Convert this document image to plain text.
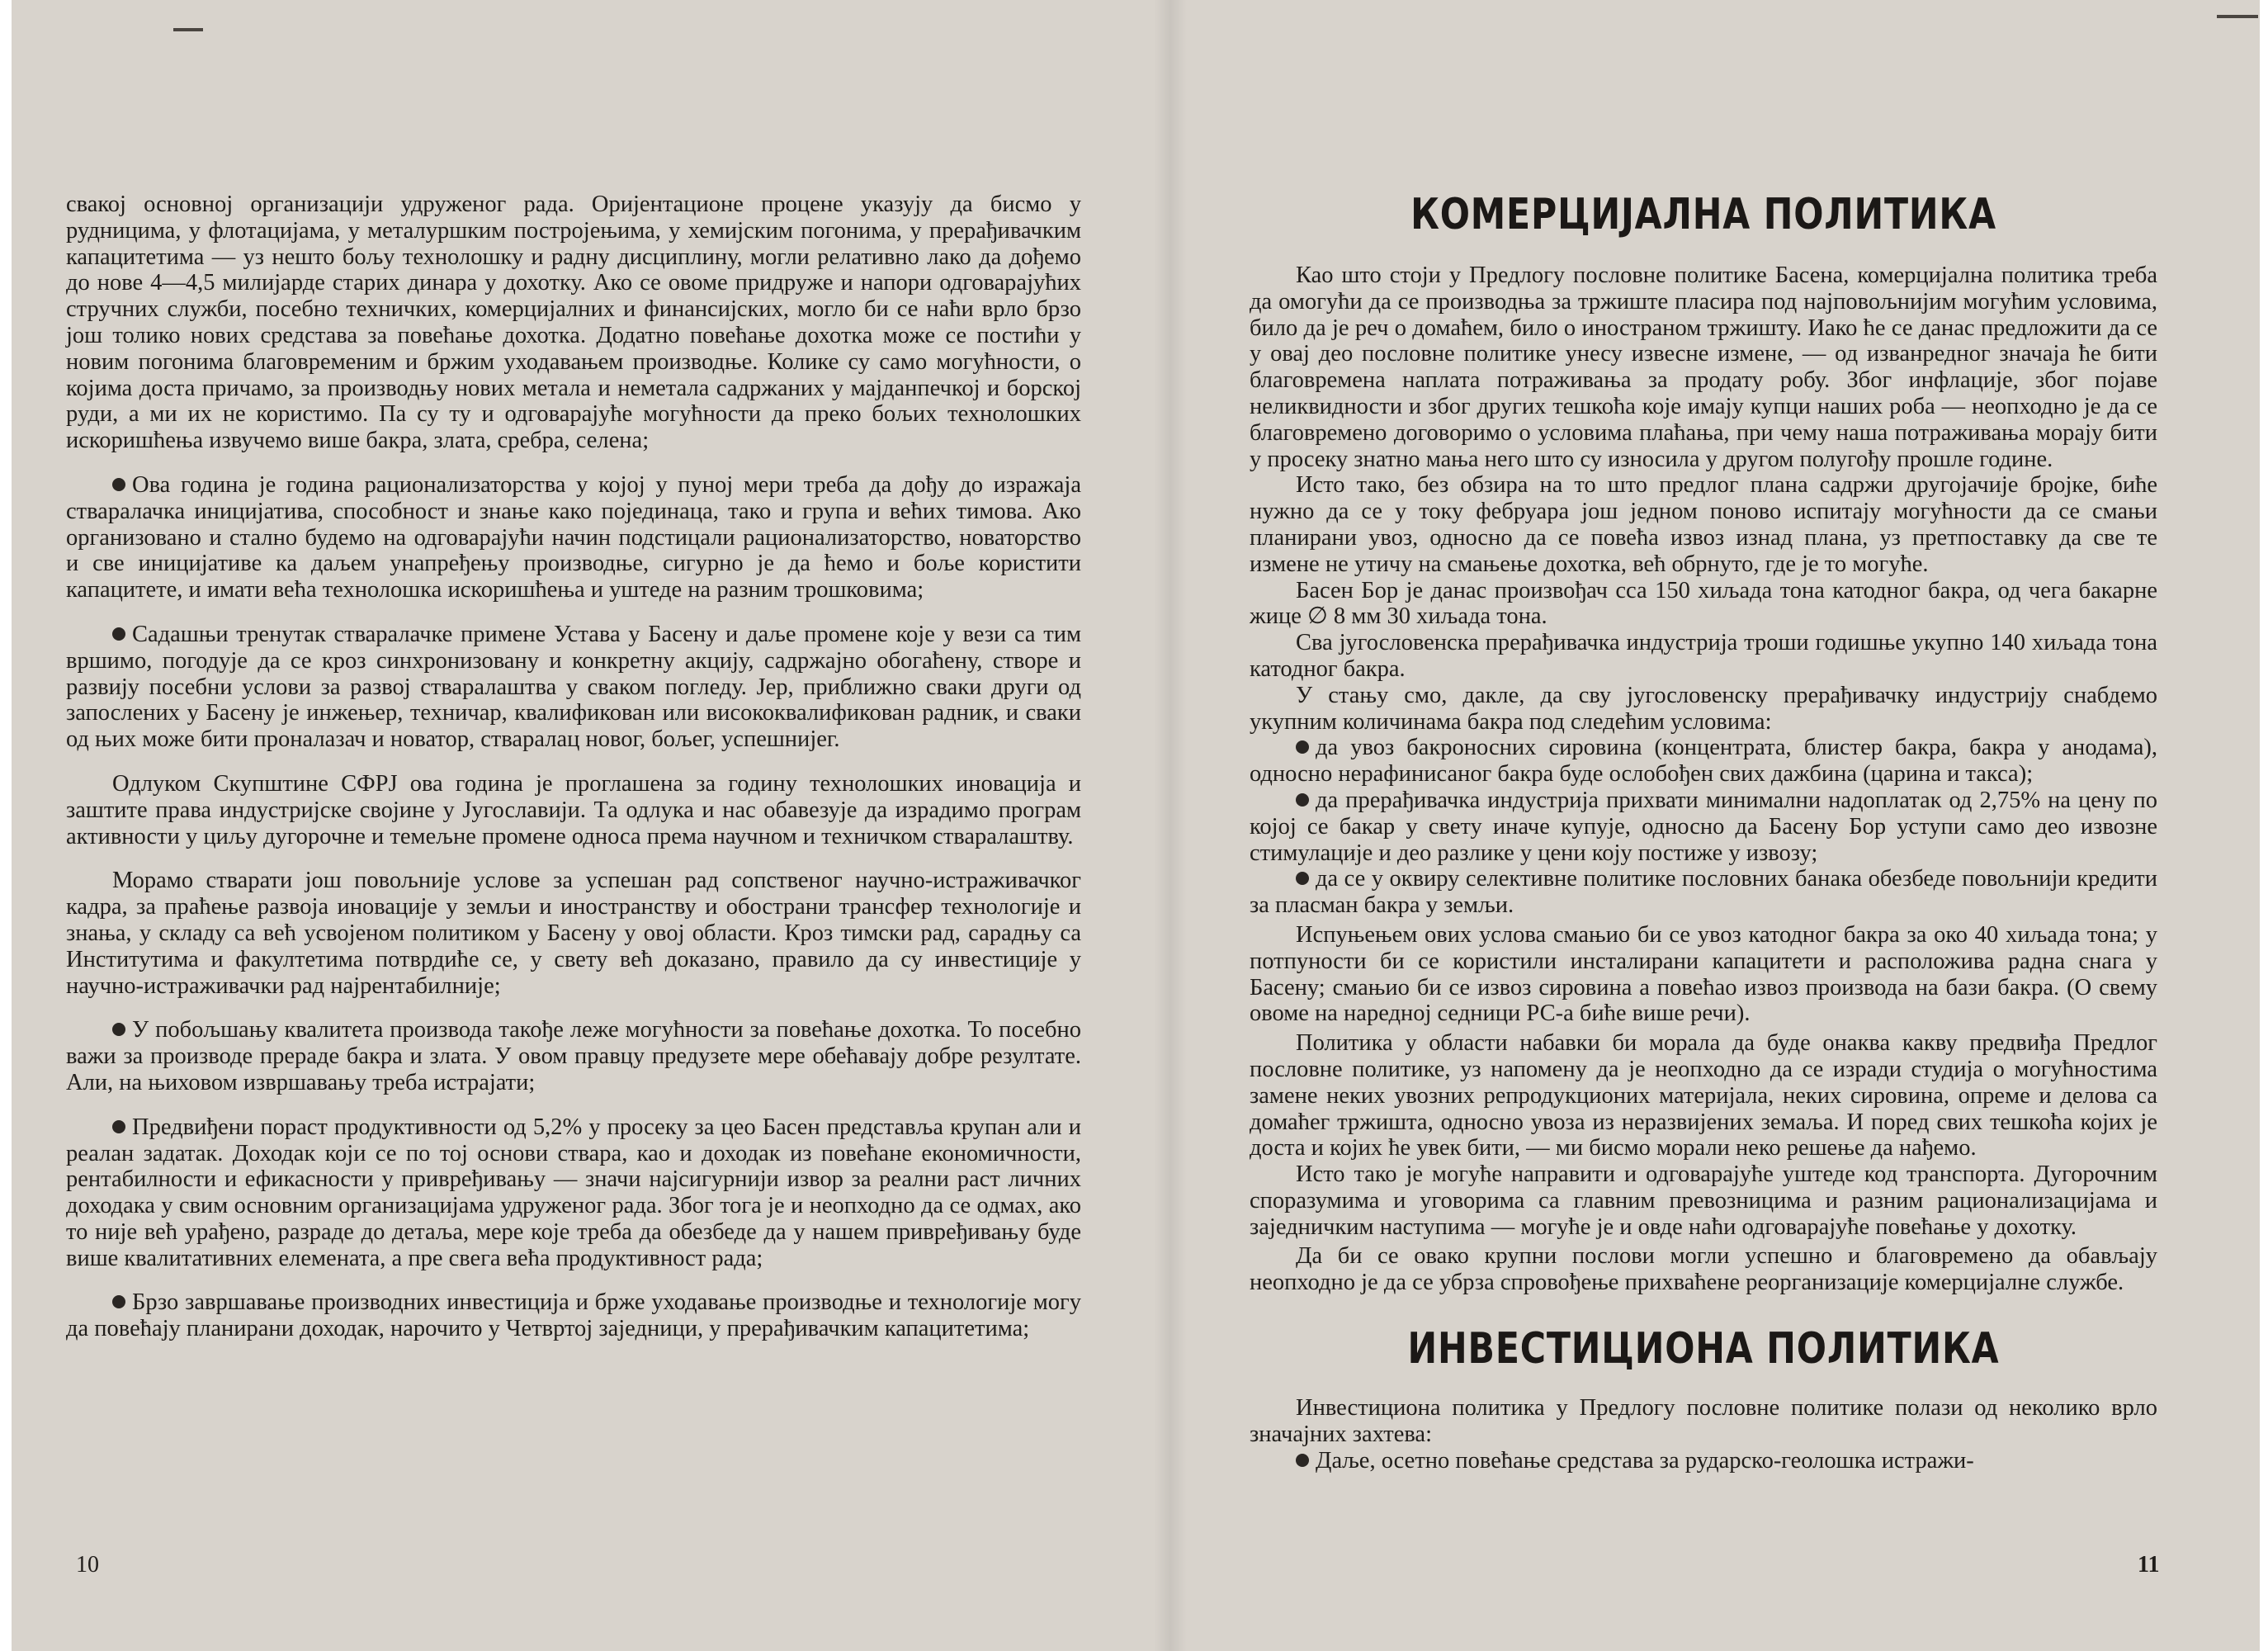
свакој основној организацији удруженог рада. Оријентационе процене указују да бисмо у рудницима, у флотацијама, у металуршким постројењима, у хемијским погонима, у прерађивачким капацитетима — уз нешто бољу технолошку и радну дисциплину, могли релативно лако да дођемо до нове 4—4,5 милијарде старих динара у дохотку. Ако се овоме придруже и напори одговарајућих стручних служби, посебно техничких, комерцијалних и финансијских, могло би се наћи врло брзо још толико нових средстава за повећање дохотка. Додатно повећање дохотка може се постићи у новим погонима благовременим и бржим уходавањем производње. Колике су само могућности, о којима доста причамо, за производњу нових метала и неметала садржаних у мајданпечкој и борској руди, а ми их не користимо. Па су ту и одговарајуће могућности да преко бољих технолошких искоришћења извучемо више бакра, злата, сребра, селена;

Ова година је година рационализаторства у којој у пуној мери треба да дођу до изражаја стваралачка иницијатива, способност и знање како појединаца, тако и група и већих тимова. Ако организовано и стално будемо на одговарајући начин подстицали рационализаторство, новаторство и све иницијативе ка даљем унапређењу производње, сигурно је да ћемо и боље користити капацитете, и имати већа технолошка искоришћења и уштеде на разним трошковима;

Садашњи тренутак стваралачке примене Устава у Басену и даље промене које у вези са тим вршимо, погодује да се кроз синхронизовану и конкретну акцију, садржајно обогаћену, створе и развију посебни услови за развој стваралаштва у сваком погледу. Јер, приближно сваки други од запослених у Басену је инжењер, техничар, квалификован или висококвалификован радник, и сваки од њих може бити проналазач и новатор, стваралац новог, бољег, успешнијег.

Одлуком Скупштине СФРЈ ова година је проглашена за годину технолошких иновација и заштите права индустријске својине у Југославији. Та одлука и нас обавезује да израдимо програм активности у циљу дугорочне и темељне промене односа према научном и техничком стваралаштву.

Морамо стварати још повољније услове за успешан рад сопственог научно-истраживачког кадра, за праћење развоја иновације у земљи и иностранству и обострани трансфер технологије и знања, у складу са већ усвојеном политиком у Басену у овој области. Кроз тимски рад, сарадњу са Институтима и факултетима потврдиће се, у свету већ доказано, правило да су инвестиције у научно-истраживачки рад најрентабилније;

У побољшању квалитета производа такође леже могућности за повећање дохотка. То посебно важи за производе прераде бакра и злата. У овом правцу предузете мере обећавају добре резултате. Али, на њиховом извршавању треба истрајати;

Предвиђени пораст продуктивности од 5,2% у просеку за цео Басен представља крупан али и реалан задатак. Доходак који се по тој основи ствара, као и доходак из повећане економичности, рентабилности и ефикасности у привређивању — значи најсигурнији извор за реални раст личних доходака у свим основним организацијама удруженог рада. Због тога је и неопходно да се одмах, ако то није већ урађено, разраде до детаља, мере које треба да обезбеде да у нашем привређивању буде више квалитативних елемената, а пре свега већа продуктивност рада;

Брзо завршавање производних инвестиција и брже уходавање производње и технологије могу да повећају планирани доходак, нарочито у Четвртој заједници, у прерађивачким капацитетима;

КОМЕРЦИЈАЛНА ПОЛИТИКА

Као што стоји у Предлогу пословне политике Басена, комерцијална политика треба да омогући да се производња за тржиште пласира под најповољнијим могућим условима, било да је реч о домаћем, било о иностраном тржишту. Иако ће се данас предложити да се у овај део пословне политике унесу извесне измене, — од изванредног значаја ће бити благовремена наплата потраживања за продату робу. Због инфлације, због појаве неликвидности и због других тешкоћа које имају купци наших роба — неопходно је да се благовремено договоримо о условима плаћања, при чему наша потраживања морају бити у просеку знатно мања него што су износила у другом полугођу прошле године.

Исто тако, без обзира на то што предлог плана садржи другојачије бројке, биће нужно да се у току фебруара још једном поново испитају могућности да се смањи планирани увоз, односно да се повећа извоз изнад плана, уз претпоставку да све те измене не утичу на смањење дохотка, већ обрнуто, где је то могуће.

Басен Бор је данас произвођач сса 150 хиљада тона катодног бакра, од чега бакарне жице ∅ 8 мм 30 хиљада тона.

Сва југословенска прерађивачка индустрија троши годишње укупно 140 хиљада тона катодног бакра.

У стању смо, дакле, да сву југословенску прерађивачку индустрију снабдемо укупним количинама бакра под следећим условима:

да увоз бакроносних сировина (концентрата, блистер бакра, бакра у анодама), односно нерафинисаног бакра буде ослобођен свих дажбина (царина и такса);

да прерађивачка индустрија прихвати минимални надоплатак од 2,75% на цену по којој се бакар у свету иначе купује, односно да Басену Бор уступи само део извозне стимулације и део разлике у цени коју постиже у извозу;

да се у оквиру селективне политике пословних банака обезбеде повољнији кредити за пласман бакра у земљи.

Испуњењем ових услова смањио би се увоз катодног бакра за око 40 хиљада тона; у потпуности би се користили инсталирани капацитети и расположива радна снага у Басену; смањио би се извоз сировина а повећао извоз производа на бази бакра. (О свему овоме на наредној седници РС-а биће више речи).

Политика у области набавки би морала да буде онаква какву предвиђа Предлог пословне политике, уз напомену да је неопходно да се изради студија о могућностима замене неких увозних репродукционих материјала, неких сировина, опреме и делова са домаћег тржишта, односно увоза из неразвијених земаља. И поред свих тешкоћа којих је доста и којих ће увек бити, — ми бисмо морали неко решење да нађемо.

Исто тако је могуће направити и одговарајуће уштеде код транспорта. Дугорочним споразумима и уговорима са главним превозницима и разним рационализацијама и заједничким наступима — могуће је и овде наћи одговарајуће повећање у дохотку.

Да би се овако крупни послови могли успешно и благовремено да обављају неопходно је да се убрза спровођење прихваћене реорганизације комерцијалне службе.

ИНВЕСТИЦИОНА ПОЛИТИКА

Инвестициона политика у Предлогу пословне политике полази од неколико врло значајних захтева:

Даље, осетно повећање средстава за рударско-геолошка истражи-

10	11
